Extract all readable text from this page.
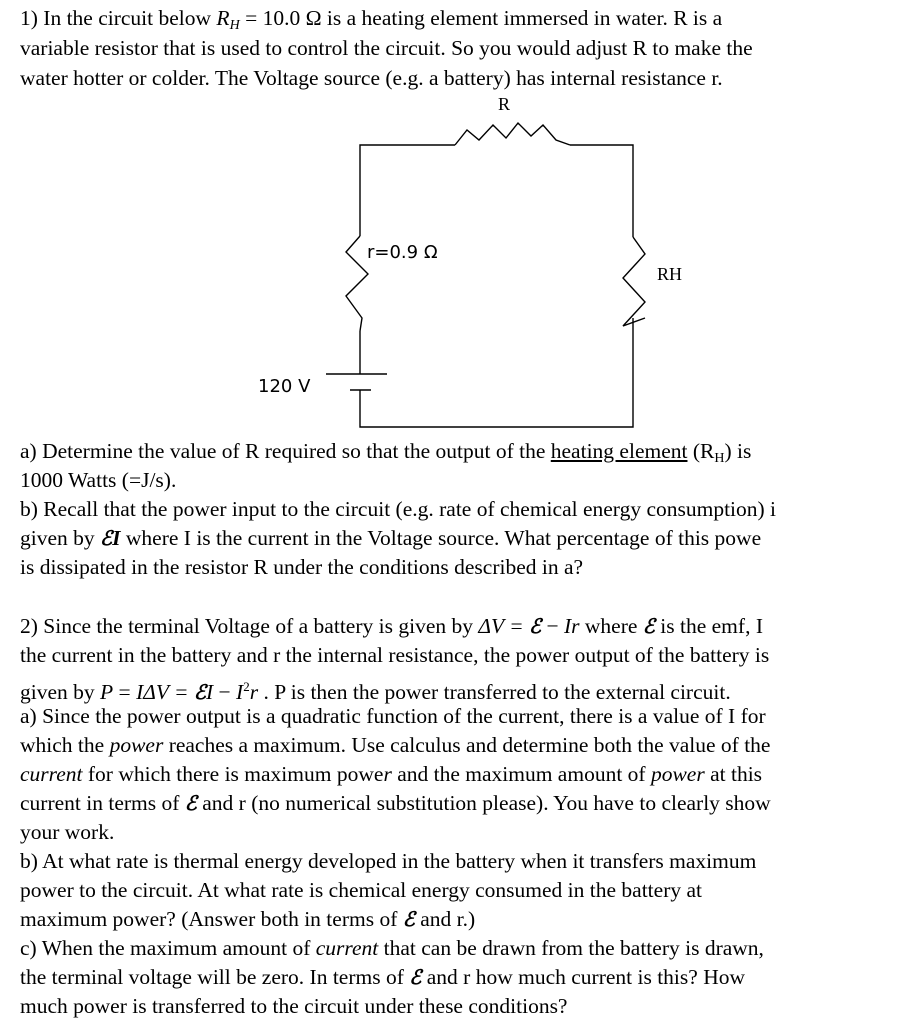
1) In the circuit below $R_H = 10.0$ Ω is a heating element immersed in water. R is a
variable resistor that is used to control the circuit. So you would adjust R to make the
water hotter or colder. The Voltage source (e.g. a battery) has internal resistance r.
R
r=0.9 Ω
RH
120 V
a) Determine the value of R required so that the output of the heating element $(R_H)$ is
1000 Watts (=J/s).
b) Recall that the power input to the circuit (e.g. rate of chemical energy consumption) i
given by ℰI where I is the current in the Voltage source. What percentage of this powe
is dissipated in the resistor R under the conditions described in a?
2) Since the terminal Voltage of a battery is given by ΔV = ℰ − Ir where ℰ is the emf, I
the current in the battery and r the internal resistance, the power output of the battery is
given by P = IΔV = ℰI − $I^2r$ . P is then the power transferred to the external circuit.
a) Since the power output is a quadratic function of the current, there is a value of I for
which the power reaches a maximum. Use calculus and determine both the value of the
current for which there is maximum power and the maximum amount of power at this
current in terms of ℰ and r (no numerical substitution please). You have to clearly show
your work.
b) At what rate is thermal energy developed in the battery when it transfers maximum
power to the circuit. At what rate is chemical energy consumed in the battery at
maximum power? (Answer both in terms of ℰ and r.)
c) When the maximum amount of current that can be drawn from the battery is drawn,
the terminal voltage will be zero. In terms of ℰ and r how much current is this? How
much power is transferred to the circuit under these conditions?
